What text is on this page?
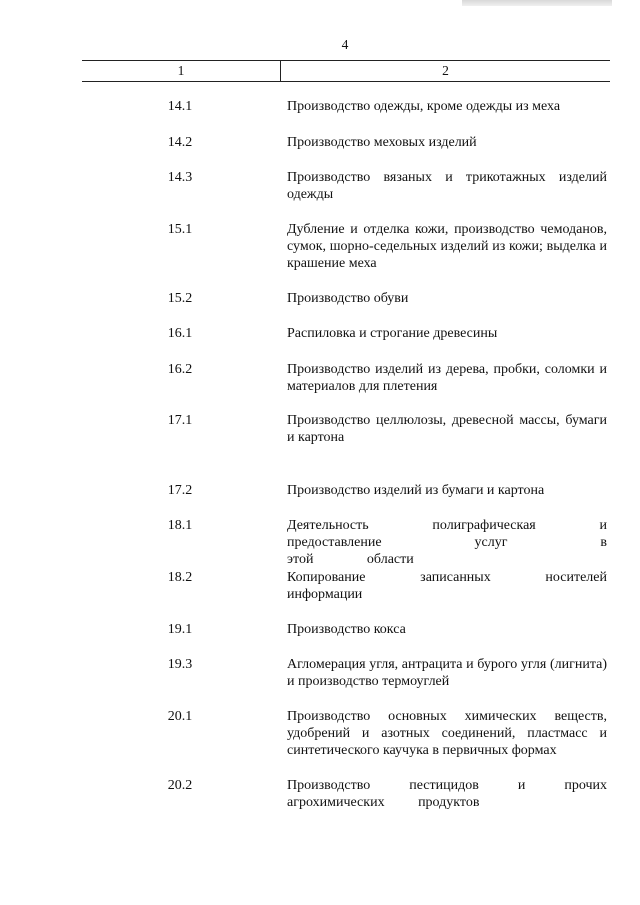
4
1	2
14.1	Производство одежды, кроме одежды из меха
14.2	Производство меховых изделий
14.3	Производство вязаных и трикотажных изделий одежды
15.1	Дубление и отделка кожи, производство чемоданов, сумок, шорно-седельных изделий из кожи; выделка и крашение меха
15.2	Производство обуви
16.1	Распиловка и строгание древесины
16.2	Производство изделий из дерева, пробки, соломки и материалов для плетения
17.1	Производство целлюлозы, древесной массы, бумаги и картона
17.2	Производство изделий из бумаги и картона
18.1	Деятельность полиграфическая и предоставление услуг в этой области
18.2	Копирование записанных носителей информации
19.1	Производство кокса
19.3	Агломерация угля, антрацита и бурого угля (лигнита) и производство термоуглей
20.1	Производство основных химических веществ, удобрений и азотных соединений, пластмасс и синтетического каучука в первичных формах
20.2	Производство пестицидов и прочих агрохимических продуктов
